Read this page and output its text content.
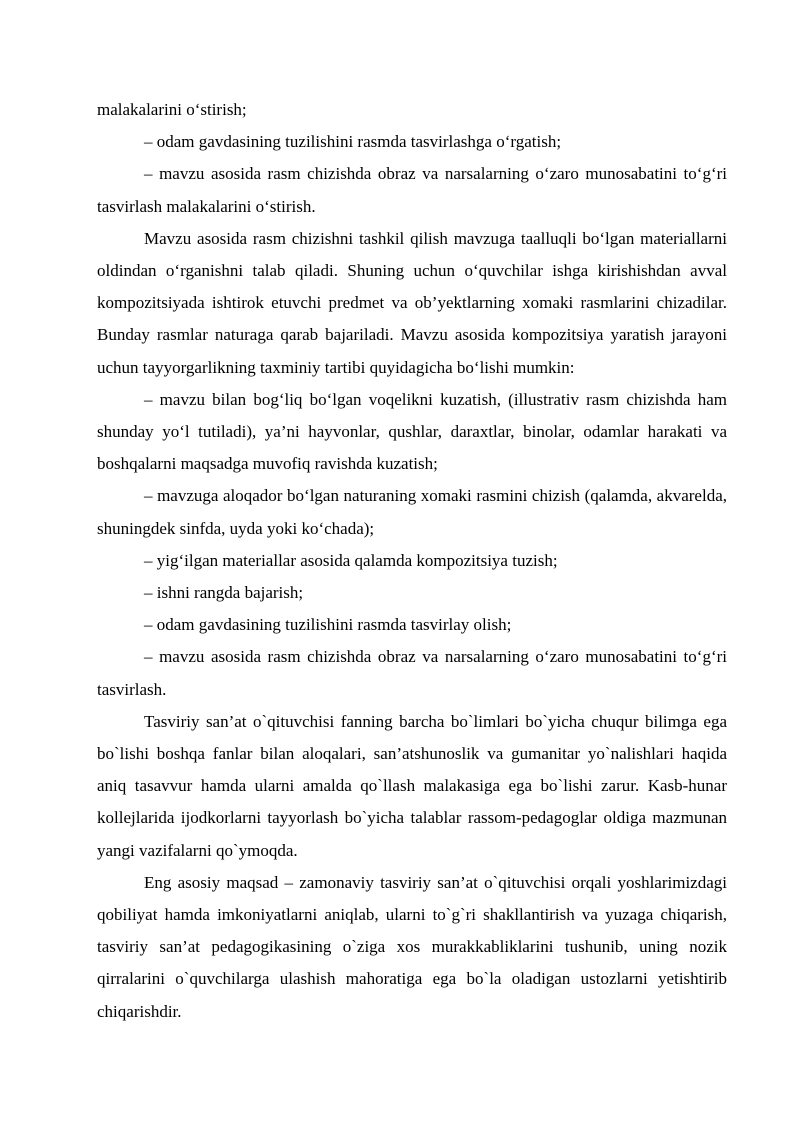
malakalarini o‘stirish;

– odam gavdasining tuzilishini rasmda tasvirlashga o‘rgatish;

– mavzu asosida rasm chizishda obraz va narsalarning o‘zaro munosabatini to‘g‘ri tasvirlash malakalarini o‘stirish.

Mavzu asosida rasm chizishni tashkil qilish mavzuga taalluqli bo‘lgan materiallarni oldindan o‘rganishni talab qiladi. Shuning uchun o‘quvchilar ishga kirishishdan avval kompozitsiyada ishtirok etuvchi predmet va ob’yektlarning xomaki rasmlarini chizadilar. Bunday rasmlar naturaga qarab bajariladi. Mavzu asosida kompozitsiya yaratish jarayoni uchun tayyorgarlikning taxminiy tartibi quyidagicha bo‘lishi mumkin:

– mavzu bilan bog‘liq bo‘lgan voqelikni kuzatish, (illustrativ rasm chizishda ham shunday yo‘l tutiladi), ya’ni hayvonlar, qushlar, daraxtlar, binolar, odamlar harakati va boshqalarni maqsadga muvofiq ravishda kuzatish;

– mavzuga aloqador bo‘lgan naturaning xomaki rasmini chizish (qalamda, akvarelda, shuningdek sinfda, uyda yoki ko‘chada);

– yig‘ilgan materiallar asosida qalamda kompozitsiya tuzish;

– ishni rangda bajarish;

– odam gavdasining tuzilishini rasmda tasvirlay olish;

– mavzu asosida rasm chizishda obraz va narsalarning o‘zaro munosabatini to‘g‘ri tasvirlash.

Tasviriy san’at o`qituvchisi fanning barcha bo`limlari bo`yicha chuqur bilimga ega bo`lishi boshqa fanlar bilan aloqalari, san’atshunoslik va gumanitar yo`nalishlari haqida aniq tasavvur hamda ularni amalda qo`llash malakasiga ega bo`lishi zarur. Kasb-hunar kollejlarida ijodkorlarni tayyorlash bo`yicha talablar rassom-pedagoglar oldiga mazmunan yangi vazifalarni qo`ymoqda.

Eng asosiy maqsad – zamonaviy tasviriy san’at o`qituvchisi orqali yoshlarimizdagi qobiliyat hamda imkoniyatlarni aniqlab, ularni to`g`ri shakllantirish va yuzaga chiqarish, tasviriy san’at pedagogikasining o`ziga xos murakkabliklarini tushunib, uning nozik qirralarini o`quvchilarga ulashish mahoratiga ega bo`la oladigan ustozlarni yetishtirib chiqarishdir.
